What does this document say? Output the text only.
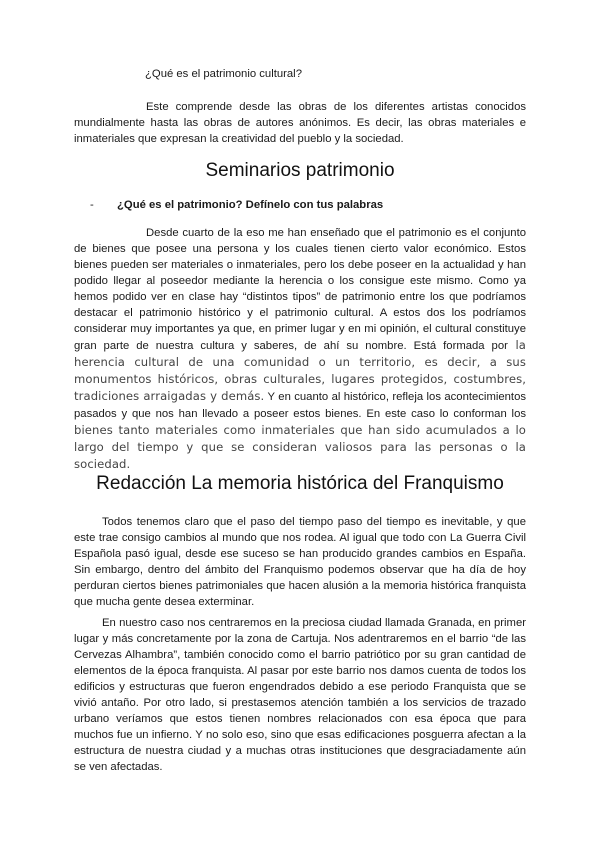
¿Qué es el patrimonio cultural?

Este comprende desde las obras de los diferentes artistas conocidos mundialmente hasta las obras de autores anónimos. Es decir, las obras materiales e inmateriales que expresan la creatividad del pueblo y la sociedad.

Seminarios patrimonio

- ¿Qué es el patrimonio? Defínelo con tus palabras

Desde cuarto de la eso me han enseñado que el patrimonio es el conjunto de bienes que posee una persona y los cuales tienen cierto valor económico. Estos bienes pueden ser materiales o inmateriales, pero los debe poseer en la actualidad y han podido llegar al poseedor mediante la herencia o los consigue este mismo. Como ya hemos podido ver en clase hay “distintos tipos” de patrimonio entre los que podríamos destacar el patrimonio histórico y el patrimonio cultural. A estos dos los podríamos considerar muy importantes ya que, en primer lugar y en mi opinión, el cultural constituye gran parte de nuestra cultura y saberes, de ahí su nombre. Está formada por la herencia cultural de una comunidad o un territorio, es decir, a sus monumentos históricos, obras culturales, lugares protegidos, costumbres, tradiciones arraigadas y demás. Y en cuanto al histórico, refleja los acontecimientos pasados y que nos han llevado a poseer estos bienes. En este caso lo conforman los bienes tanto materiales como inmateriales que han sido acumulados a lo largo del tiempo y que se consideran valiosos para las personas o la sociedad.

Redacción La memoria histórica del Franquismo

Todos tenemos claro que el paso del tiempo paso del tiempo es inevitable, y que este trae consigo cambios al mundo que nos rodea. Al igual que todo con La Guerra Civil Española pasó igual, desde ese suceso se han producido grandes cambios en España. Sin embargo, dentro del ámbito del Franquismo podemos observar que ha día de hoy perduran ciertos bienes patrimoniales que hacen alusión a la memoria histórica franquista que mucha gente desea exterminar.

En nuestro caso nos centraremos en la preciosa ciudad llamada Granada, en primer lugar y más concretamente por la zona de Cartuja. Nos adentraremos en el barrio “de las Cervezas Alhambra”, también conocido como el barrio patriótico por su gran cantidad de elementos de la época franquista. Al pasar por este barrio nos damos cuenta de todos los edificios y estructuras que fueron engendrados debido a ese periodo Franquista que se vivió antaño. Por otro lado, si prestasemos atención también a los servicios de trazado urbano veríamos que estos tienen nombres relacionados con esa época que para muchos fue un infierno. Y no solo eso, sino que esas edificaciones posguerra afectan a la estructura de nuestra ciudad y a muchas otras instituciones que desgraciadamente aún se ven afectadas.
